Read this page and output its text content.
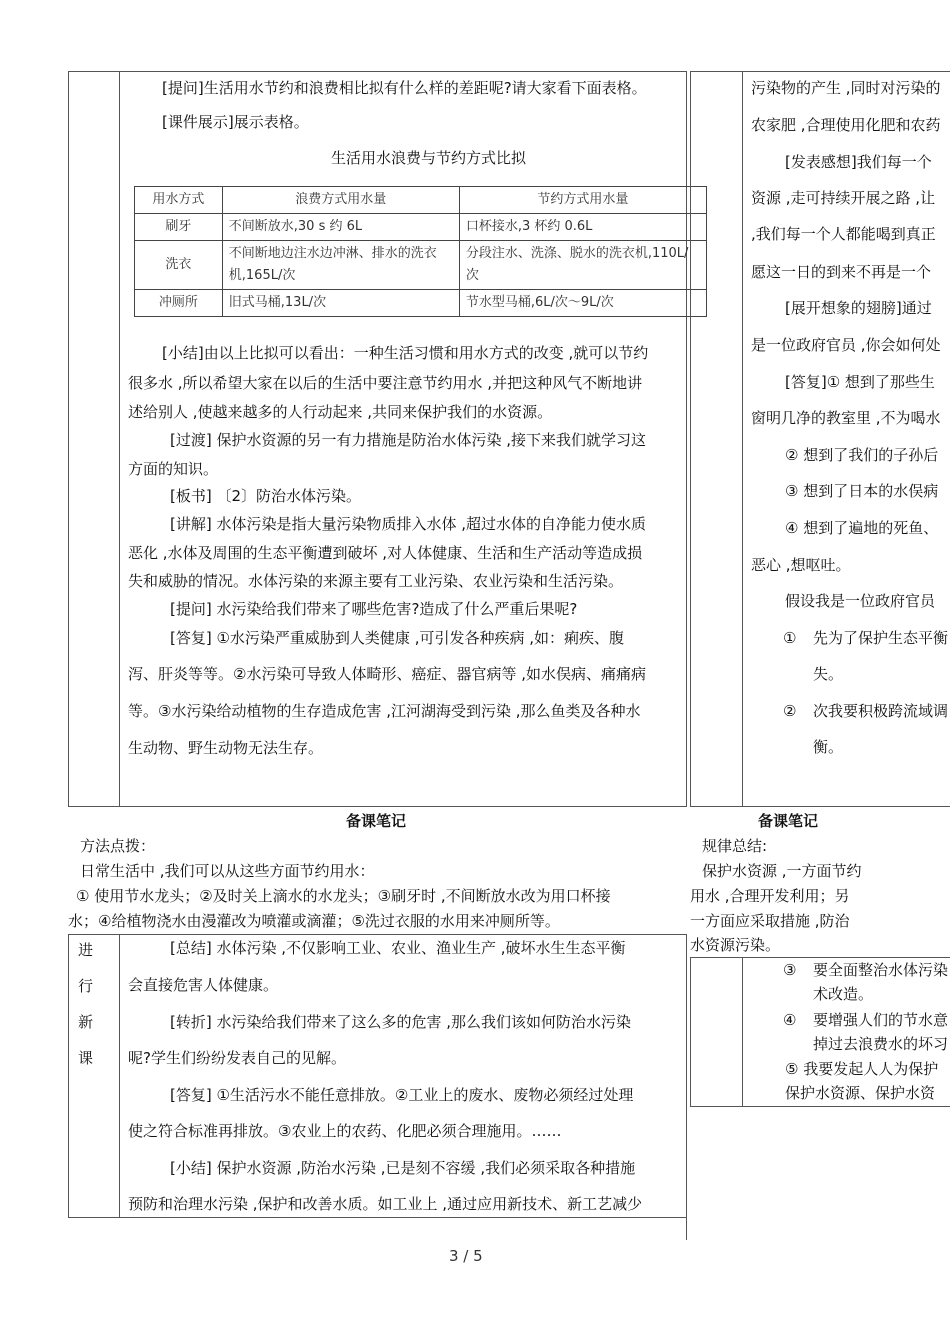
[提问]生活用水节约和浪费相比拟有什么样的差距呢?请大家看下面表格。
[课件展示]展示表格。
生活用水浪费与节约方式比拟
[小结]由以上比拟可以看出：一种生活习惯和用水方式的改变 ,就可以节约
很多水 ,所以希望大家在以后的生活中要注意节约用水 ,并把这种风气不断地讲
述给别人 ,使越来越多的人行动起来 ,共同来保护我们的水资源。
[过渡] 保护水资源的另一有力措施是防治水体污染 ,接下来我们就学习这
方面的知识。
[板书] 〔2〕防治水体污染。
[讲解] 水体污染是指大量污染物质排入水体 ,超过水体的自净能力使水质
恶化 ,水体及周围的生态平衡遭到破坏 ,对人体健康、生活和生产活动等造成损
失和威胁的情况。水体污染的来源主要有工业污染、农业污染和生活污染。
[提问] 水污染给我们带来了哪些危害?造成了什么严重后果呢?
[答复] ①水污染严重威胁到人类健康 ,可引发各种疾病 ,如：痢疾、腹
泻、肝炎等等。②水污染可导致人体畸形、癌症、器官病等 ,如水俣病、痛痛病
等。③水污染给动植物的生存造成危害 ,江河湖海受到污染 ,那么鱼类及各种水
生动物、野生动物无法生存。
用水方式	浪费方式用水量	节约方式用水量
刷牙	不间断放水,30 s 约 6L	口杯接水,3 杯约 0.6L
洗衣	不间断地边注水边冲淋、排水的洗衣机,165L/次	分段注水、洗涤、脱水的洗衣机,110L/次
冲厕所	旧式马桶,13L/次	节水型马桶,6L/次～9L/次
污染物的产生 ,同时对污染的
农家肥 ,合理使用化肥和农药
[发表感想]我们每一个
资源 ,走可持续开展之路 ,让
,我们每一个人都能喝到真正
愿这一日的到来不再是一个
[展开想象的翅膀]通过
是一位政府官员 ,你会如何处
[答复]① 想到了那些生
窗明几净的教室里 ,不为喝水
② 想到了我们的子孙后
③ 想到了日本的水俣病
④ 想到了遍地的死鱼、
恶心 ,想呕吐。
假设我是一位政府官员
① 先为了保护生态平衡
失。
② 次我要积极跨流域调
衡。
备课笔记
方法点拨：
日常生活中 ,我们可以从这些方面节约用水：
① 使用节水龙头；②及时关上滴水的水龙头；③刷牙时 ,不间断放水改为用口杯接
水；④给植物浇水由漫灌改为喷灌或滴灌；⑤洗过衣服的水用来冲厕所等。
备课笔记
规律总结:
保护水资源 ,一方面节约
用水 ,合理开发利用；另
一方面应采取措施 ,防治
水资源污染。
进
行
新
课
[总结] 水体污染 ,不仅影响工业、农业、渔业生产 ,破坏水生生态平衡
会直接危害人体健康。
[转折] 水污染给我们带来了这么多的危害 ,那么我们该如何防治水污染
呢?学生们纷纷发表自己的见解。
[答复] ①生活污水不能任意排放。②工业上的废水、废物必须经过处理
使之符合标准再排放。③农业上的农药、化肥必须合理施用。……
[小结] 保护水资源 ,防治水污染 ,已是刻不容缓 ,我们必须采取各种措施
预防和治理水污染 ,保护和改善水质。如工业上 ,通过应用新技术、新工艺减少
③ 要全面整治水体污染
术改造。
④ 要增强人们的节水意
掉过去浪费水的坏习
⑤ 我要发起人人为保护
保护水资源、保护水资
3 / 5
